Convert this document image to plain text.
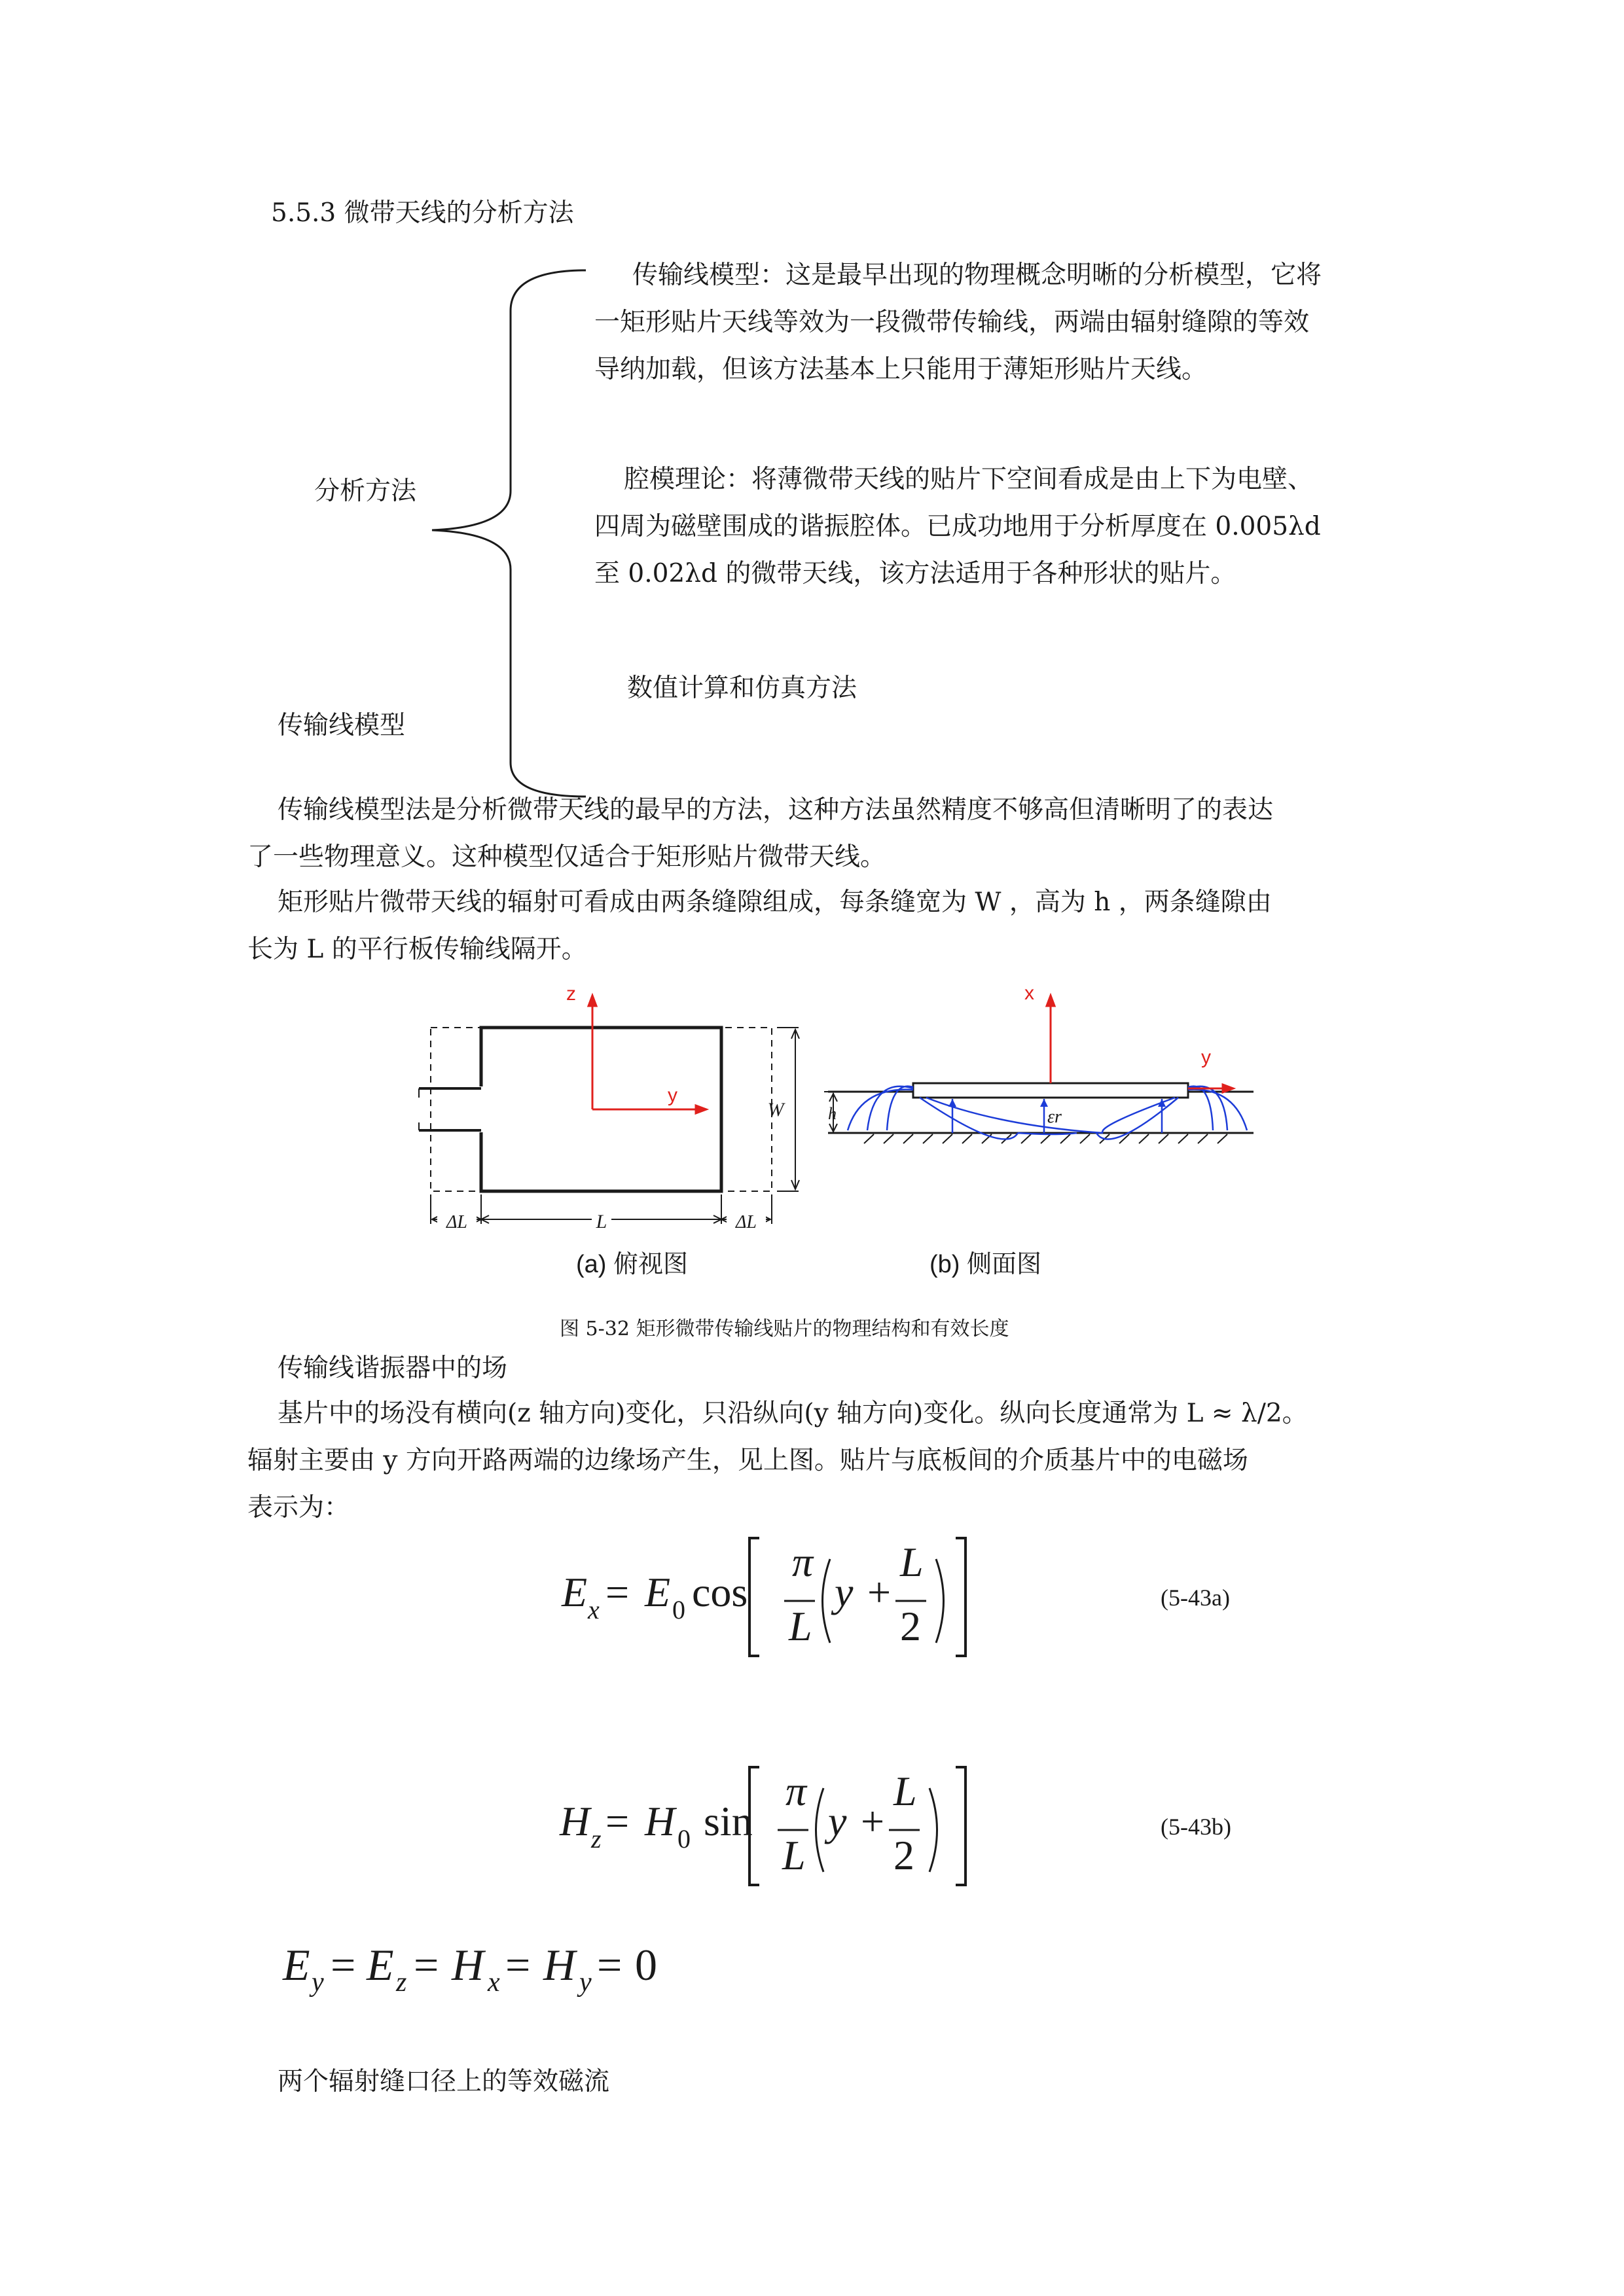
5.5.3 微带天线的分析方法
分析方法
传输线模型：这是最早出现的物理概念明晰的分析模型，它将
一矩形贴片天线等效为一段微带传输线，两端由辐射缝隙的等效
导纳加载，但该方法基本上只能用于薄矩形贴片天线。
腔模理论：将薄微带天线的贴片下空间看成是由上下为电壁、
四周为磁壁围成的谐振腔体。已成功地用于分析厚度在 0.005λd
至 0.02λd 的微带天线，该方法适用于各种形状的贴片。
数值计算和仿真方法
传输线模型
传输线模型法是分析微带天线的最早的方法，这种方法虽然精度不够高但清晰明了的表达
了一些物理意义。这种模型仅适合于矩形贴片微带天线。
矩形贴片微带天线的辐射可看成由两条缝隙组成，每条缝宽为 W ，高为 h ，两条缝隙由
长为 L 的平行板传输线隔开。
z
y
W
ΔL	L	ΔL
x
y
εr
h
(a) 俯视图	(b) 侧面图
图 5-32 矩形微带传输线贴片的物理结构和有效长度
传输线谐振器中的场
基片中的场没有横向(z 轴方向)变化，只沿纵向(y 轴方向)变化。纵向长度通常为 L ≈ λ/2。
辐射主要由 y 方向开路两端的边缘场产生，见上图。贴片与底板间的介质基片中的电磁场
表示为：
E x = E 0 cos
π
L
y +
L
2
(5-43a)
H z = H 0 sin
π
L
y +
L
2
(5-43b)
E y = E z = H x = H y = 0
两个辐射缝口径上的等效磁流
